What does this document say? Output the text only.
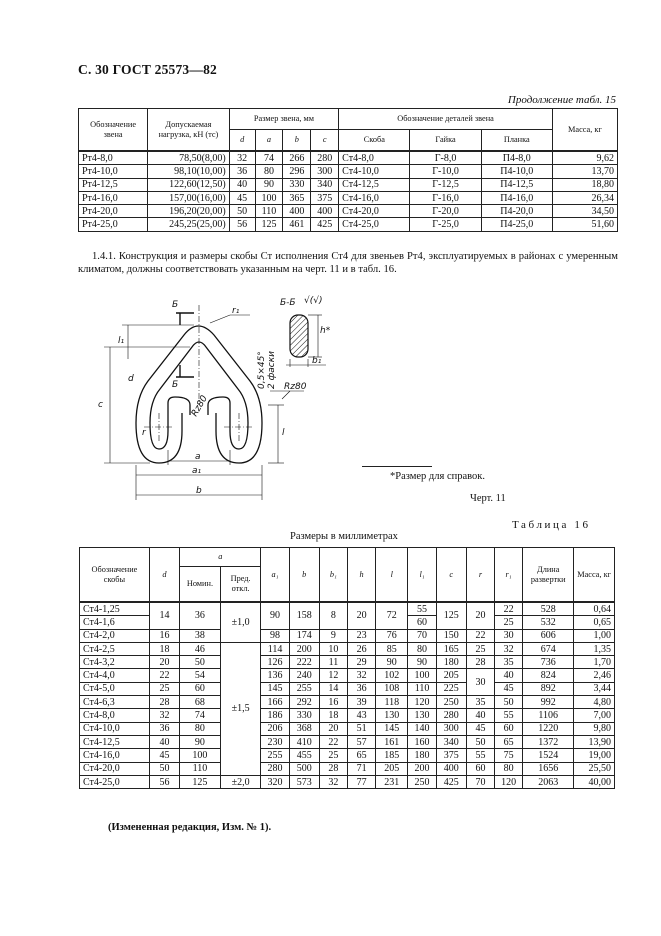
С. 30 ГОСТ 25573—82
Продолжение табл. 15
Обозначение звена	Допускаемая нагрузка, кН (тс)	Размер звена, мм				Обозначение деталей звена			Масса, кг
		d	a	b	c	Скоба	Гайка	Планка	
Рт4-8,0	78,50(8,00)	32	74	266	280	Ст4-8,0	Г-8,0	П4-8,0	9,62
Рт4-10,0	98,10(10,00)	36	80	296	300	Ст4-10,0	Г-10,0	П4-10,0	13,70
Рт4-12,5	122,60(12,50)	40	90	330	340	Ст4-12,5	Г-12,5	П4-12,5	18,80
Рт4-16,0	157,00(16,00)	45	100	365	375	Ст4-16,0	Г-16,0	П4-16,0	26,34
Рт4-20,0	196,20(20,00)	50	110	400	400	Ст4-20,0	Г-20,0	П4-20,0	34,50
Рт4-25,0	245,25(25,00)	56	125	461	425	Ст4-25,0	Г-25,0	П4-25,0	51,60
1.4.1. Конструкция и размеры скобы Ст исполнения Ст4 для звеньев Рт4, эксплуатируемых в районах с умеренным климатом, должны соответствовать указанным на черт. 11 и в табл. 16.
Б
Б
c
l₁
d
r
a
a₁
b
l
r₁
Rz80
Б-Б √(√)
h*
b₁
0,5×45° 2 фаски Rz80
*Размер для справок.
Черт. 11
Таблица 16
Размеры в миллиметрах
Обозначение скобы	d	a		a₁	b	b₁	h	l	l₁	c	r	r₁	Длина развертки	Масса, кг
		Номин.	Пред. откл.											
Ст4-1,25	14	36	±1,0	90	158	8	20	72	55	125	20	22	528	0,64
Ст4-1,6									60			25	532	0,65
Ст4-2,0	16	38		98	174	9	23	76	70	150	22	30	606	1,00
Ст4-2,5	18	46	±1,5	114	200	10	26	85	80	165	25	32	674	1,35
Ст4-3,2	20	50		126	222	11	29	90	90	180	28	35	736	1,70
Ст4-4,0	22	54		136	240	12	32	102	100	205	30	40	824	2,46
Ст4-5,0	25	60		145	255	14	36	108	110	225		45	892	3,44
Ст4-6,3	28	68		166	292	16	39	118	120	250	35	50	992	4,80
Ст4-8,0	32	74		186	330	18	43	130	130	280	40	55	1106	7,00
Ст4-10,0	36	80		206	368	20	51	145	140	300	45	60	1220	9,80
Ст4-12,5	40	90		230	410	22	57	161	160	340	50	65	1372	13,90
Ст4-16,0	45	100		255	455	25	65	185	180	375	55	75	1524	19,00
Ст4-20,0	50	110		280	500	28	71	205	200	400	60	80	1656	25,50
Ст4-25,0	56	125	±2,0	320	573	32	77	231	250	425	70	120	2063	40,00
(Измененная редакция, Изм. № 1).
